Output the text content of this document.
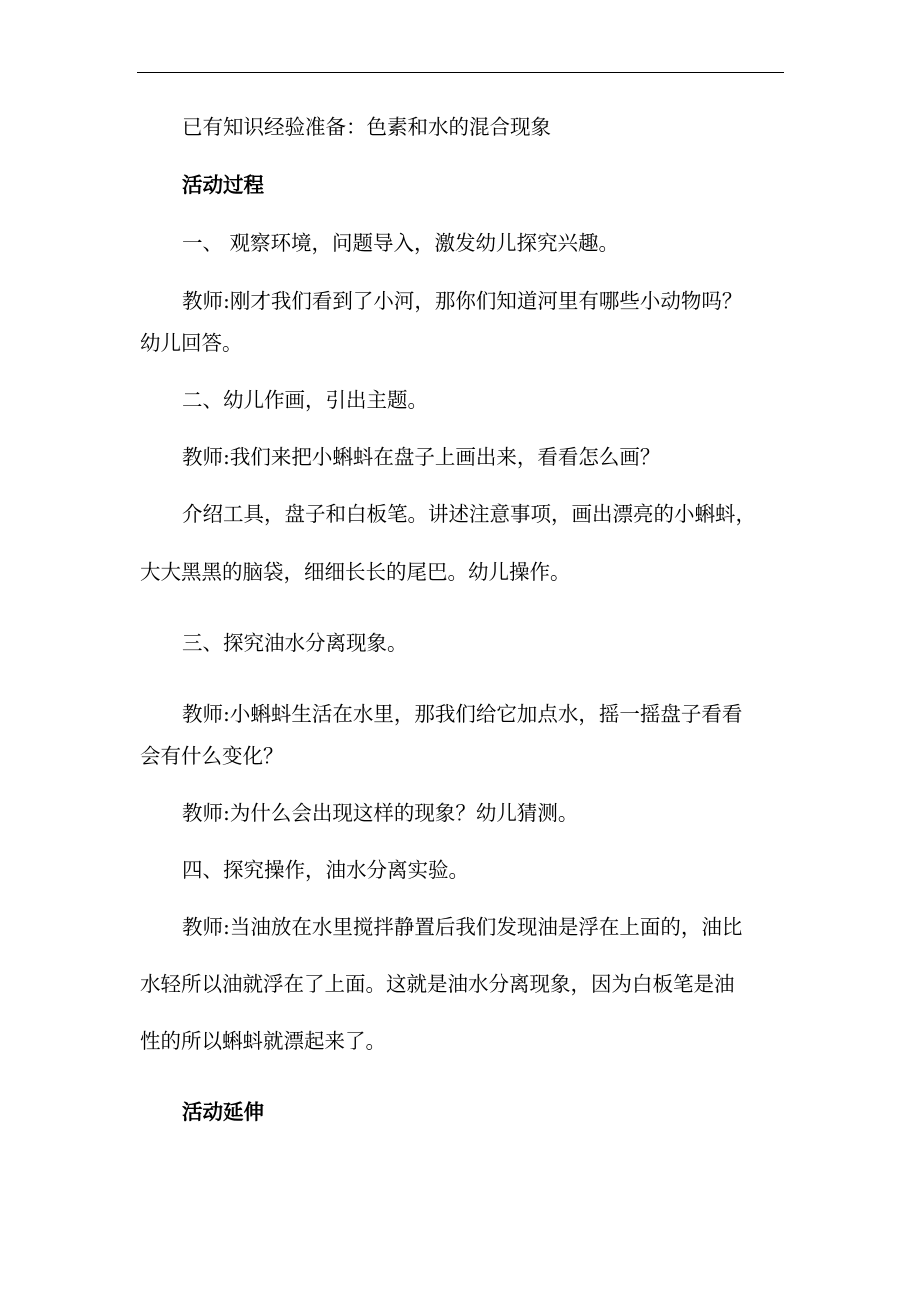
已有知识经验准备：色素和水的混合现象
活动过程
一、 观察环境，问题导入，激发幼儿探究兴趣。
教师:刚才我们看到了小河，那你们知道河里有哪些小动物吗？
幼儿回答。
二、幼儿作画，引出主题。
教师:我们来把小蝌蚪在盘子上画出来，看看怎么画？
介绍工具，盘子和白板笔。讲述注意事项，画出漂亮的小蝌蚪，
大大黑黑的脑袋，细细长长的尾巴。幼儿操作。
三、探究油水分离现象。
教师:小蝌蚪生活在水里，那我们给它加点水，摇一摇盘子看看
会有什么变化？
教师:为什么会出现这样的现象？幼儿猜测。
四、探究操作，油水分离实验。
教师:当油放在水里搅拌静置后我们发现油是浮在上面的，油比
水轻所以油就浮在了上面。这就是油水分离现象，因为白板笔是油
性的所以蝌蚪就漂起来了。
活动延伸
